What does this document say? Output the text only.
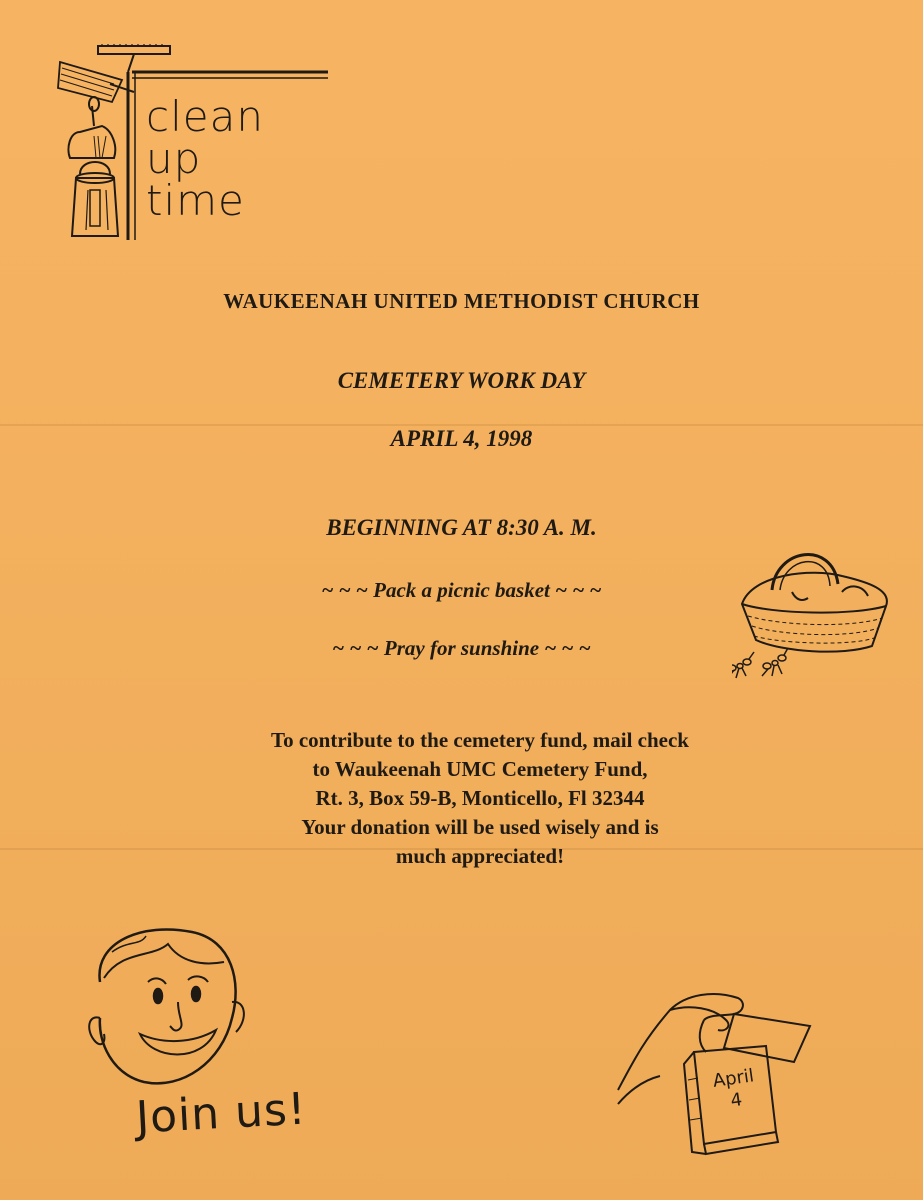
clean
up
time
WAUKEENAH UNITED METHODIST CHURCH
CEMETERY WORK DAY
APRIL 4, 1998
BEGINNING AT 8:30 A. M.
~ ~ ~ Pack a picnic basket ~ ~ ~
~ ~ ~ Pray for sunshine ~ ~ ~
To contribute to the cemetery fund, mail check
to Waukeenah UMC Cemetery Fund,
Rt. 3, Box 59-B, Monticello, Fl 32344
Your donation will be used wisely and is
much appreciated!
Join us!
April
4
